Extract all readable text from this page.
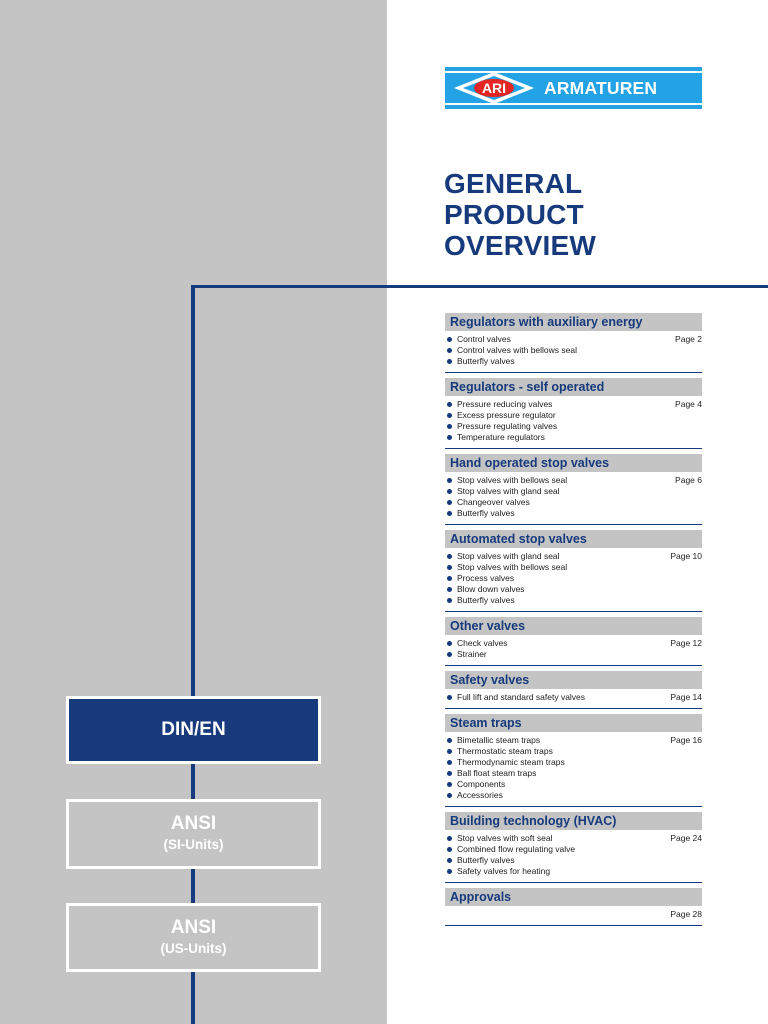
ARI ARMATUREN
GENERAL
PRODUCT
OVERVIEW
DIN/EN
ANSI
(SI-Units)
ANSI
(US-Units)
Regulators with auxiliary energy
Page 2
Control valves
Control valves with bellows seal
Butterfly valves
Regulators - self operated
Page 4
Pressure reducing valves
Excess pressure regulator
Pressure regulating valves
Temperature regulators
Hand operated stop valves
Page 6
Stop valves with bellows seal
Stop valves with gland seal
Changeover valves
Butterfly valves
Automated stop valves
Page 10
Stop valves with gland seal
Stop valves with bellows seal
Process valves
Blow down valves
Butterfly valves
Other valves
Page 12
Check valves
Strainer
Safety valves
Page 14
Full lift and standard safety valves
Steam traps
Page 16
Bimetallic steam traps
Thermostatic steam traps
Thermodynamic steam traps
Ball float steam traps
Components
Accessories
Building technology (HVAC)
Page 24
Stop valves with soft seal
Combined flow regulating valve
Butterfly valves
Safety valves for heating
Approvals
Page 28
